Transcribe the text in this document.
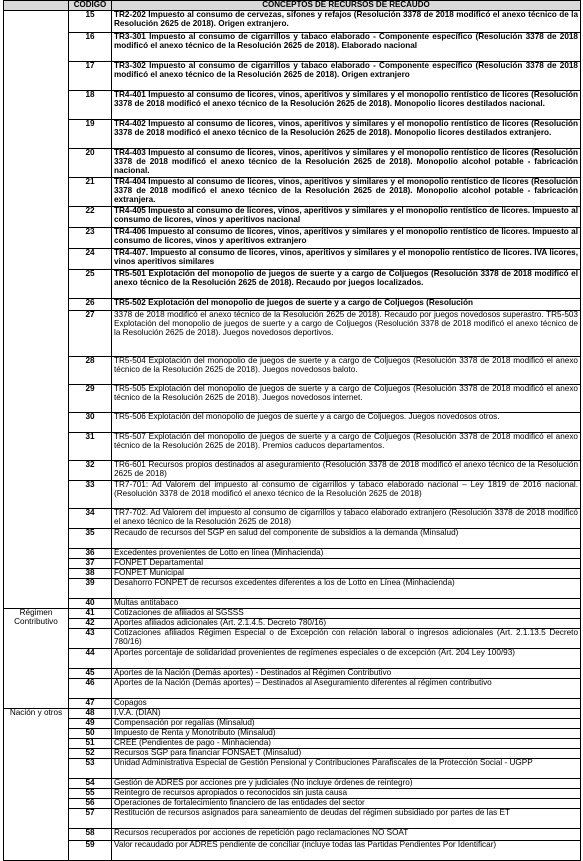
	CODIGO	CONCEPTOS DE RECURSOS DE RECAUDO
	15	TR2-202 Impuesto al consumo de cervezas, sifones y refajos (Resolución 3378 de 2018 modificó el anexo técnico de la Resolución 2625 de 2018). Origen extranjero.
	16	TR3-301 Impuesto al consumo de cigarrillos y tabaco elaborado - Componente específico (Resolución 3378 de 2018 modificó el anexo técnico de la Resolución 2625 de 2018). Elaborado nacional
	17	TR3-302 Impuesto al consumo de cigarrillos y tabaco elaborado - Componente específico (Resolución 3378 de 2018 modificó el anexo técnico de la Resolución 2625 de 2018). Origen extranjero
	18	TR4-401 Impuesto al consumo de licores, vinos, aperitivos y similares y el monopolio rentístico de licores (Resolución 3378 de 2018 modificó el anexo técnico de la Resolución 2625 de 2018). Monopolio licores destilados nacional.
	19	TR4-402 Impuesto al consumo de licores, vinos, aperitivos y similares y el monopolio rentístico de licores (Resolución 3378 de 2018 modificó el anexo técnico de la Resolución 2625 de 2018). Monopolio licores destilados extranjero.
	20	TR4-403 Impuesto al consumo de licores, vinos, aperitivos y similares y el monopolio rentístico de licores (Resolución 3378 de 2018 modificó el anexo técnico de la Resolución 2625 de 2018). Monopolio alcohol potable - fabricación nacional.
	21	TR4-404 Impuesto al consumo de licores, vinos, aperitivos y similares y el monopolio rentístico de licores (Resolución 3378 de 2018 modificó el anexo técnico de la Resolución 2625 de 2018). Monopolio alcohol potable - fabricación extranjera.
	22	TR4-405 Impuesto al consumo de licores, vinos, aperitivos y similares y el monopolio rentístico de licores. Impuesto al consumo de licores, vinos y aperitivos nacional
	23	TR4-406 Impuesto al consumo de licores, vinos, aperitivos y similares y el monopolio rentístico de licores. Impuesto al consumo de licores, vinos y aperitivos extranjero
	24	TR4-407. Impuesto al consumo de licores, vinos, aperitivos y similares y el monopolio rentístico de licores. IVA licores, vinos aperitivos similares
	25	TR5-501 Explotación del monopolio de juegos de suerte y a cargo de Coljuegos (Resolución 3378 de 2018 modificó el anexo técnico de la Resolución 2625 de 2018). Recaudo por juegos localizados.
	26	TR5-502 Explotación del monopolio de juegos de suerte y a cargo de Coljuegos (Resolución
	27	3378 de 2018 modificó el anexo técnico de la Resolución 2625 de 2018). Recaudo por juegos novedosos superastro. TR5-503 Explotación del monopolio de juegos de suerte y a cargo de Coljuegos (Resolución 3378 de 2018 modificó el anexo técnico de la Resolución 2625 de 2018). Juegos novedosos deportivos.
	28	TR5-504 Explotación del monopolio de juegos de suerte y a cargo de Coljuegos (Resolución 3378 de 2018 modificó el anexo técnico de la Resolución 2625 de 2018). Juegos novedosos baloto.
	29	TR5-505 Explotación del monopolio de juegos de suerte y a cargo de Coljuegos (Resolución 3378 de 2018 modificó el anexo técnico de la Resolución 2625 de 2018). Juegos novedosos internet.
	30	TR5-506 Explotación del monopolio de juegos de suerte y a cargo de Coljuegos. Juegos novedosos otros.
	31	TR5-507 Explotación del monopolio de juegos de suerte y a cargo de Coljuegos (Resolución 3378 de 2018 modificó el anexo técnico de la Resolución 2625 de 2018). Premios caducos departamentos.
	32	TR6-601 Recursos propios destinados al aseguramiento (Resolución 3378 de 2018 modificó el anexo técnico de la Resolución 2625 de 2018)
	33	TR7-701: Ad Valorem del impuesto al consumo de cigarrillos y tabaco elaborado nacional – Ley 1819 de 2016 nacional. (Resolución 3378 de 2018 modificó el anexo técnico de la Resolución 2625 de 2018)
	34	TR7-702. Ad Valorem del impuesto al consumo de cigarrillos y tabaco elaborado extranjero (Resolución 3378 de 2018 modificó el anexo técnico de la Resolución 2625 de 2018)
	35	Recaudo de recursos del SGP en salud del componente de subsidios a la demanda (Minsalud)
	36	Excedentes provenientes de Lotto en línea (Minhacienda)
	37	FONPET Departamental
	38	FONPET Municipal
	39	Desahorro FONPET de recursos excedentes diferentes a los de Lotto en Línea (Minhacienda)
	40	Multas antitabaco
Régimen Contributivo	41	Cotizaciones de afiliados al SGSSS
	42	Aportes afiliados adicionales (Art. 2.1.4.5. Decreto 780/16)
	43	Cotizaciones afiliados Régimen Especial o de Excepción con relación laboral o ingresos adicionales (Art. 2.1.13.5 Decreto 780/16)
	44	Aportes porcentaje de solidaridad provenientes de regímenes especiales o de excepción (Art. 204 Ley 100/93)
	45	Aportes de la Nación (Demás aportes) - Destinados al Régimen Contributivo
	46	Aportes de la Nación (Demás aportes) – Destinados al Aseguramiento diferentes al régimen contributivo
	47	Copagos
Nación y otros	48	I.V.A. (DIAN)
	49	Compensación por regalías (Minsalud)
	50	Impuesto de Renta y Monotributo (Minsalud)
	51	CREE (Pendientes de pago - Minhacienda)
	52	Recursos SGP para financiar FONSAET (Minsalud)
	53	Unidad Administrativa Especial de Gestión Pensional y Contribuciones Parafiscales de la Protección Social - UGPP
	54	Gestión de ADRES por acciones pre y judiciales (No incluye órdenes de reintegro)
	55	Reintegro de recursos apropiados o reconocidos sin justa causa
	56	Operaciones de fortalecimiento financiero de las entidades del sector
	57	Restitución de recursos asignados para saneamiento de deudas del régimen subsidiado por partes de las ET
	58	Recursos recuperados por acciones de repetición pago reclamaciones NO SOAT
	59	Valor recaudado por ADRES pendiente de conciliar (incluye todas las Partidas Pendientes Por Identificar)
